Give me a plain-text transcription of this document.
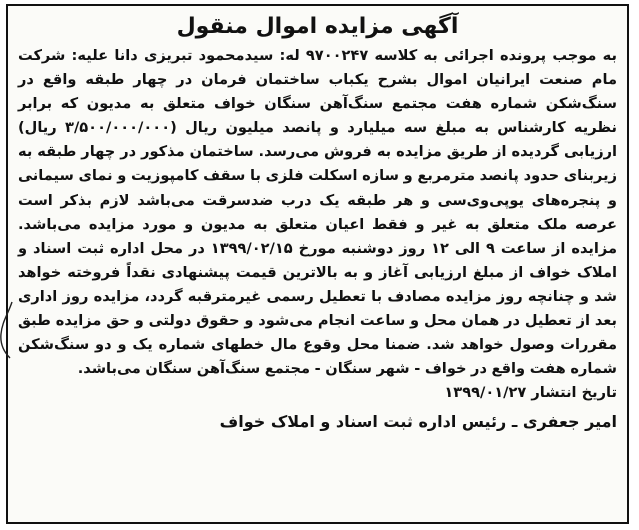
آگهی مزایده اموال منقول

به موجب پرونده اجرائی به کلاسه ۹۷۰۰۲۴۷ له: سیدمحمود تبریزی دانا علیه: شرکت مام صنعت ایرانیان اموال بشرح یکباب ساختمان فرمان در چهار طبقه واقع در سنگ‌شکن شماره هفت مجتمع سنگ‌آهن سنگان خواف متعلق به مدیون که برابر نظریه کارشناس به مبلغ سه میلیارد و پانصد میلیون ریال (۳/۵۰۰/۰۰۰/۰۰۰ ریال) ارزیابی گردیده از طریق مزایده به فروش می‌رسد. ساختمان مذکور در چهار طبقه به زیربنای حدود پانصد مترمربع و سازه اسکلت فلزی با سقف کامپوزیت و نمای سیمانی و پنجره‌های یوپی‌وی‌سی و هر طبقه یک درب ضدسرقت می‌باشد لازم بذکر است عرصه ملک متعلق به غیر و فقط اعیان متعلق به مدیون و مورد مزایده می‌باشد. مزایده از ساعت ۹ الی ۱۲ روز دوشنبه مورخ ۱۳۹۹/۰۲/۱۵ در محل اداره ثبت اسناد و املاک خواف از مبلغ ارزیابی آغاز و به بالاترین قیمت پیشنهادی نقداً فروخته خواهد شد و چنانچه روز مزایده مصادف با تعطیل رسمی غیرمترقبه گردد، مزایده روز اداری بعد از تعطیل در همان محل و ساعت انجام می‌شود و حقوق دولتی و حق مزایده طبق مقررات وصول خواهد شد. ضمنا محل وقوع مال خطهای شماره یک و دو سنگ‌شکن شماره هفت واقع در خواف - شهر سنگان - مجتمع سنگ‌آهن سنگان می‌باشد.

تاریخ انتشار ۱۳۹۹/۰۱/۲۷
امیر جعفری ـ رئیس اداره ثبت اسناد و املاک خواف
